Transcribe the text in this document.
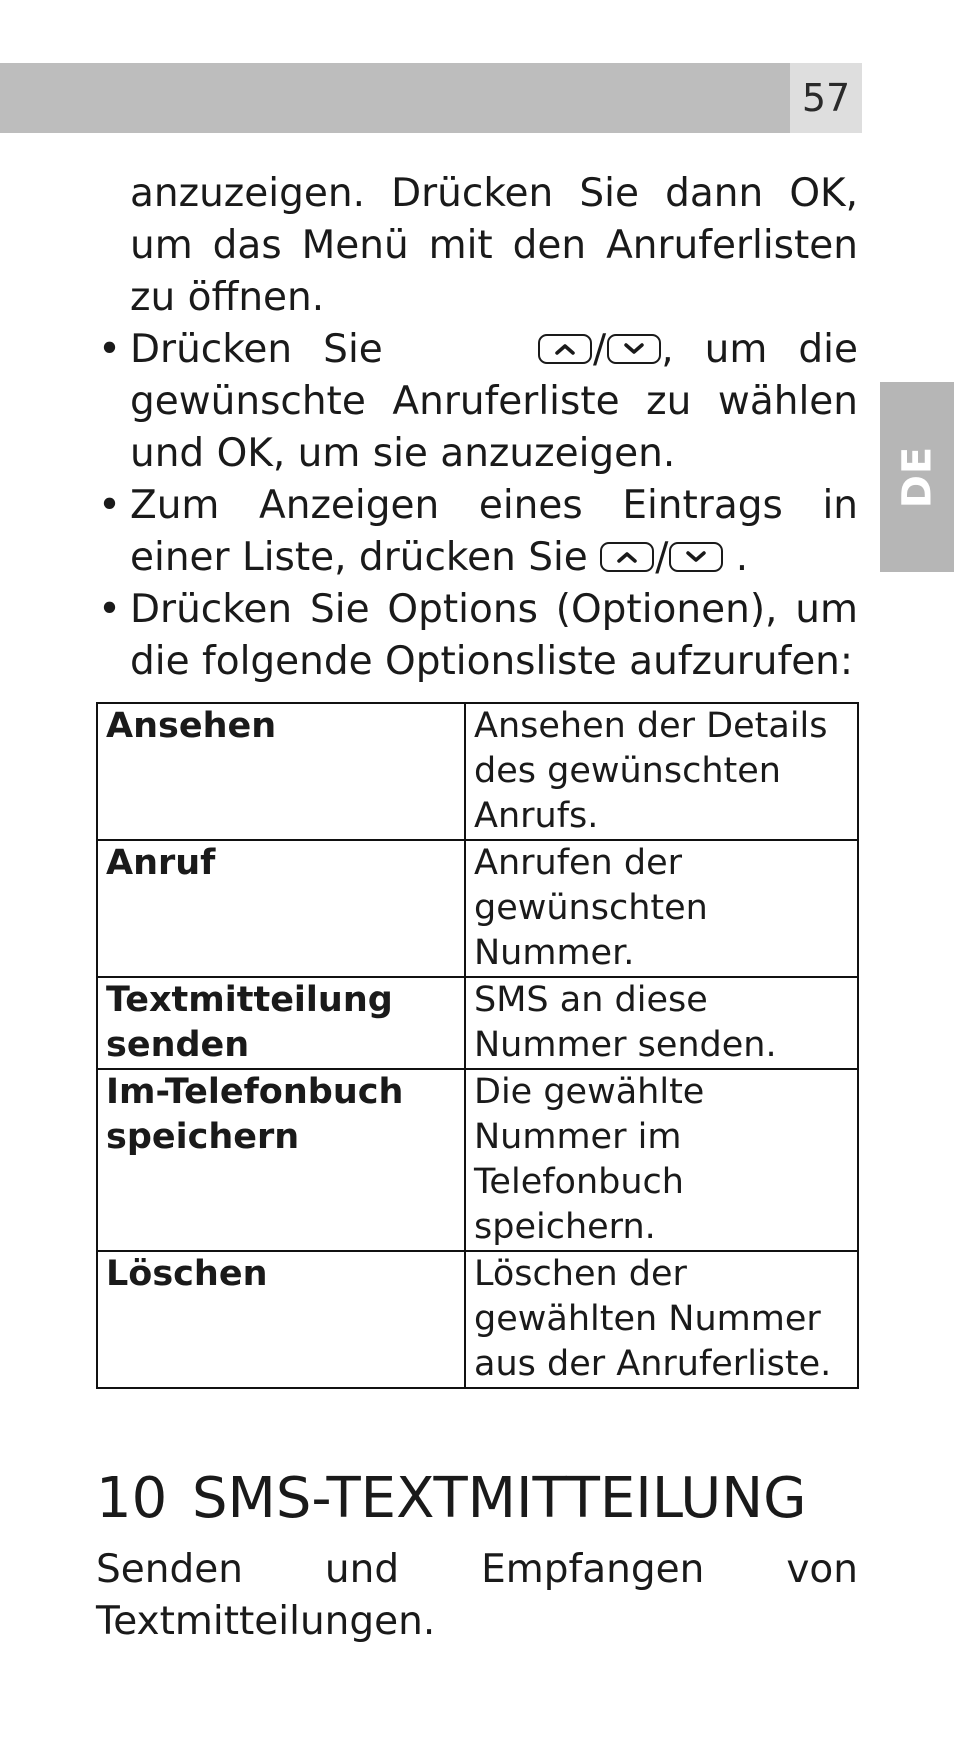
57
DE
anzuzeigen. Drücken Sie dann OK, um das Menü mit den Anruferlisten zu öffnen.
• Drücken Sie	/ , um die gewünschte Anruferliste zu wählen und OK, um sie anzuzeigen.
• Zum Anzeigen eines Eintrags in einer Liste, drücken Sie / .
• Drücken Sie Options (Optionen), um die folgende Optionsliste aufzurufen:
Ansehen	Ansehen der Details des gewünschten Anrufs.
Anruf	Anrufen der gewünschten Nummer.
Textmitteilung senden	SMS an diese Nummer senden.
Im-Telefonbuch speichern	Die gewählte Nummer im Telefonbuch speichern.
Löschen	Löschen der gewählten Nummer aus der Anruferliste.
10 SMS-TEXTMITTEILUNG
Senden und Empfangen von Textmitteilungen.
